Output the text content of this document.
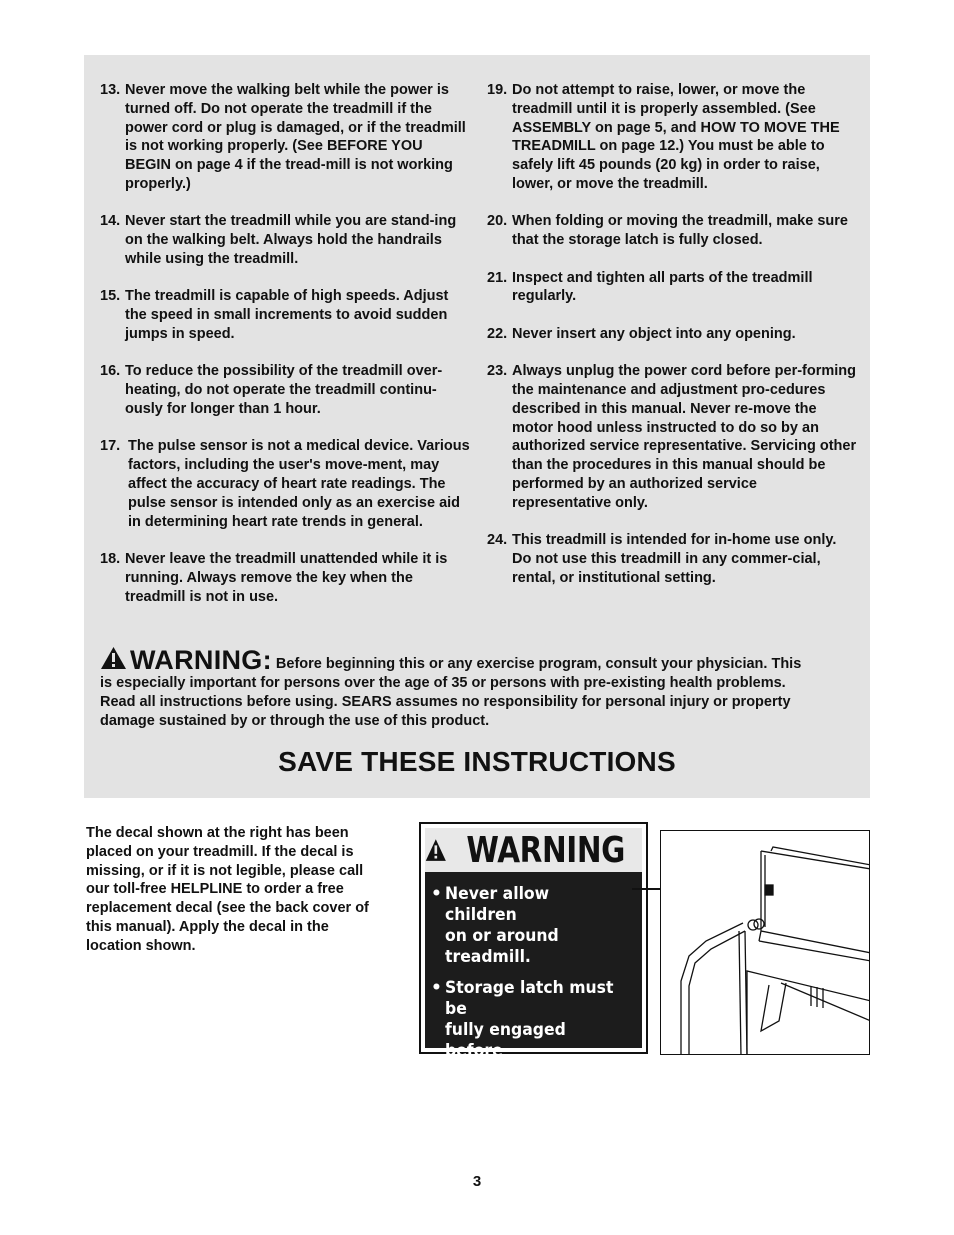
13. Never move the walking belt while the power is turned off. Do not operate the treadmill if the power cord or plug is damaged, or if the treadmill is not working properly. (See BEFORE YOU BEGIN on page 4 if the tread-mill is not working properly.)
14. Never start the treadmill while you are stand-ing on the walking belt. Always hold the handrails while using the treadmill.
15. The treadmill is capable of high speeds. Adjust the speed in small increments to avoid sudden jumps in speed.
16. To reduce the possibility of the treadmill over-heating, do not operate the treadmill continu-ously for longer than 1 hour.
17. The pulse sensor is not a medical device. Various factors, including the user's move-ment, may affect the accuracy of heart rate readings. The pulse sensor is intended only as an exercise aid in determining heart rate trends in general.
18. Never leave the treadmill unattended while it is running. Always remove the key when the treadmill is not in use.
19. Do not attempt to raise, lower, or move the treadmill until it is properly assembled. (See ASSEMBLY on page 5, and HOW TO MOVE THE TREADMILL on page 12.) You must be able to safely lift 45 pounds (20 kg) in order to raise, lower, or move the treadmill.
20. When folding or moving the treadmill, make sure that the storage latch is fully closed.
21. Inspect and tighten all parts of the treadmill regularly.
22. Never insert any object into any opening.
23. Always unplug the power cord before per-forming the maintenance and adjustment pro-cedures described in this manual. Never re-move the motor hood unless instructed to do so by an authorized service representative. Servicing other than the procedures in this manual should be performed by an authorized service representative only.
24. This treadmill is intended for in-home use only. Do not use this treadmill in any commer-cial, rental, or institutional setting.
WARNING: Before beginning this or any exercise program, consult your physician. This
is especially important for persons over the age of 35 or persons with pre-existing health problems.
Read all instructions before using. SEARS assumes no responsibility for personal injury or property
damage sustained by or through the use of this product.
SAVE THESE INSTRUCTIONS
The decal shown at the right has been placed on your treadmill. If the decal is missing, or if it is not legible, please call our toll-free HELPLINE to order a free replacement decal (see the back cover of this manual). Apply the decal in the location shown.
WARNING
• Never allow children
on or around
treadmill.
• Storage latch must be
fully engaged before
treadmill is moved or
stored.
3
